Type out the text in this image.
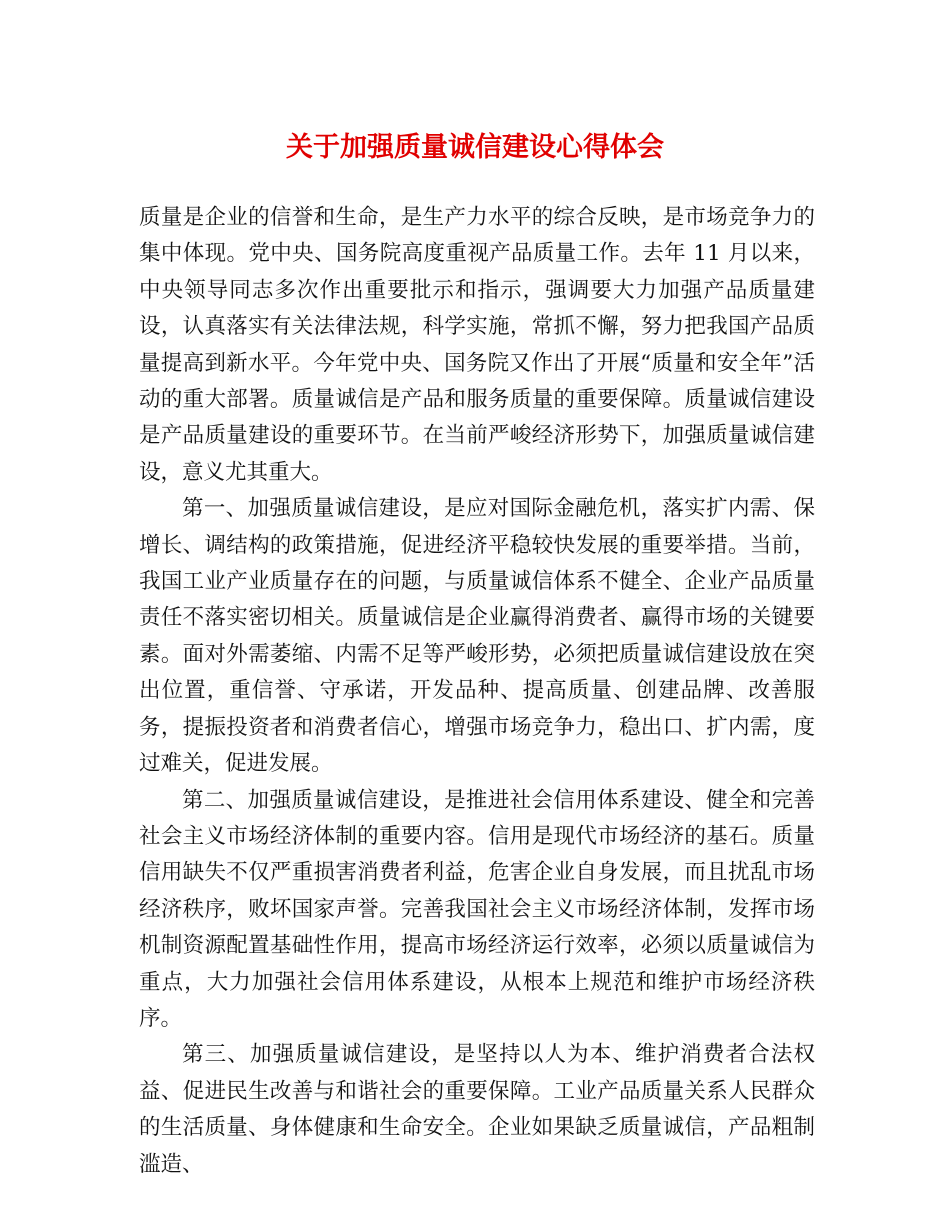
关于加强质量诚信建设心得体会

质量是企业的信誉和生命，是生产力水平的综合反映，是市场竞争力的集中体现。党中央、国务院高度重视产品质量工作。去年 11 月以来，中央领导同志多次作出重要批示和指示，强调要大力加强产品质量建设，认真落实有关法律法规，科学实施，常抓不懈，努力把我国产品质量提高到新水平。今年党中央、国务院又作出了开展“质量和安全年”活动的重大部署。质量诚信是产品和服务质量的重要保障。质量诚信建设是产品质量建设的重要环节。在当前严峻经济形势下，加强质量诚信建设，意义尤其重大。

第一、加强质量诚信建设，是应对国际金融危机，落实扩内需、保增长、调结构的政策措施，促进经济平稳较快发展的重要举措。当前，我国工业产业质量存在的问题，与质量诚信体系不健全、企业产品质量责任不落实密切相关。质量诚信是企业赢得消费者、赢得市场的关键要素。面对外需萎缩、内需不足等严峻形势，必须把质量诚信建设放在突出位置，重信誉、守承诺，开发品种、提高质量、创建品牌、改善服务，提振投资者和消费者信心，增强市场竞争力，稳出口、扩内需，度过难关，促进发展。

第二、加强质量诚信建设，是推进社会信用体系建设、健全和完善社会主义市场经济体制的重要内容。信用是现代市场经济的基石。质量信用缺失不仅严重损害消费者利益，危害企业自身发展，而且扰乱市场经济秩序，败坏国家声誉。完善我国社会主义市场经济体制，发挥市场机制资源配置基础性作用，提高市场经济运行效率，必须以质量诚信为重点，大力加强社会信用体系建设，从根本上规范和维护市场经济秩序。

第三、加强质量诚信建设，是坚持以人为本、维护消费者合法权益、促进民生改善与和谐社会的重要保障。工业产品质量关系人民群众的生活质量、身体健康和生命安全。企业如果缺乏质量诚信，产品粗制滥造、
